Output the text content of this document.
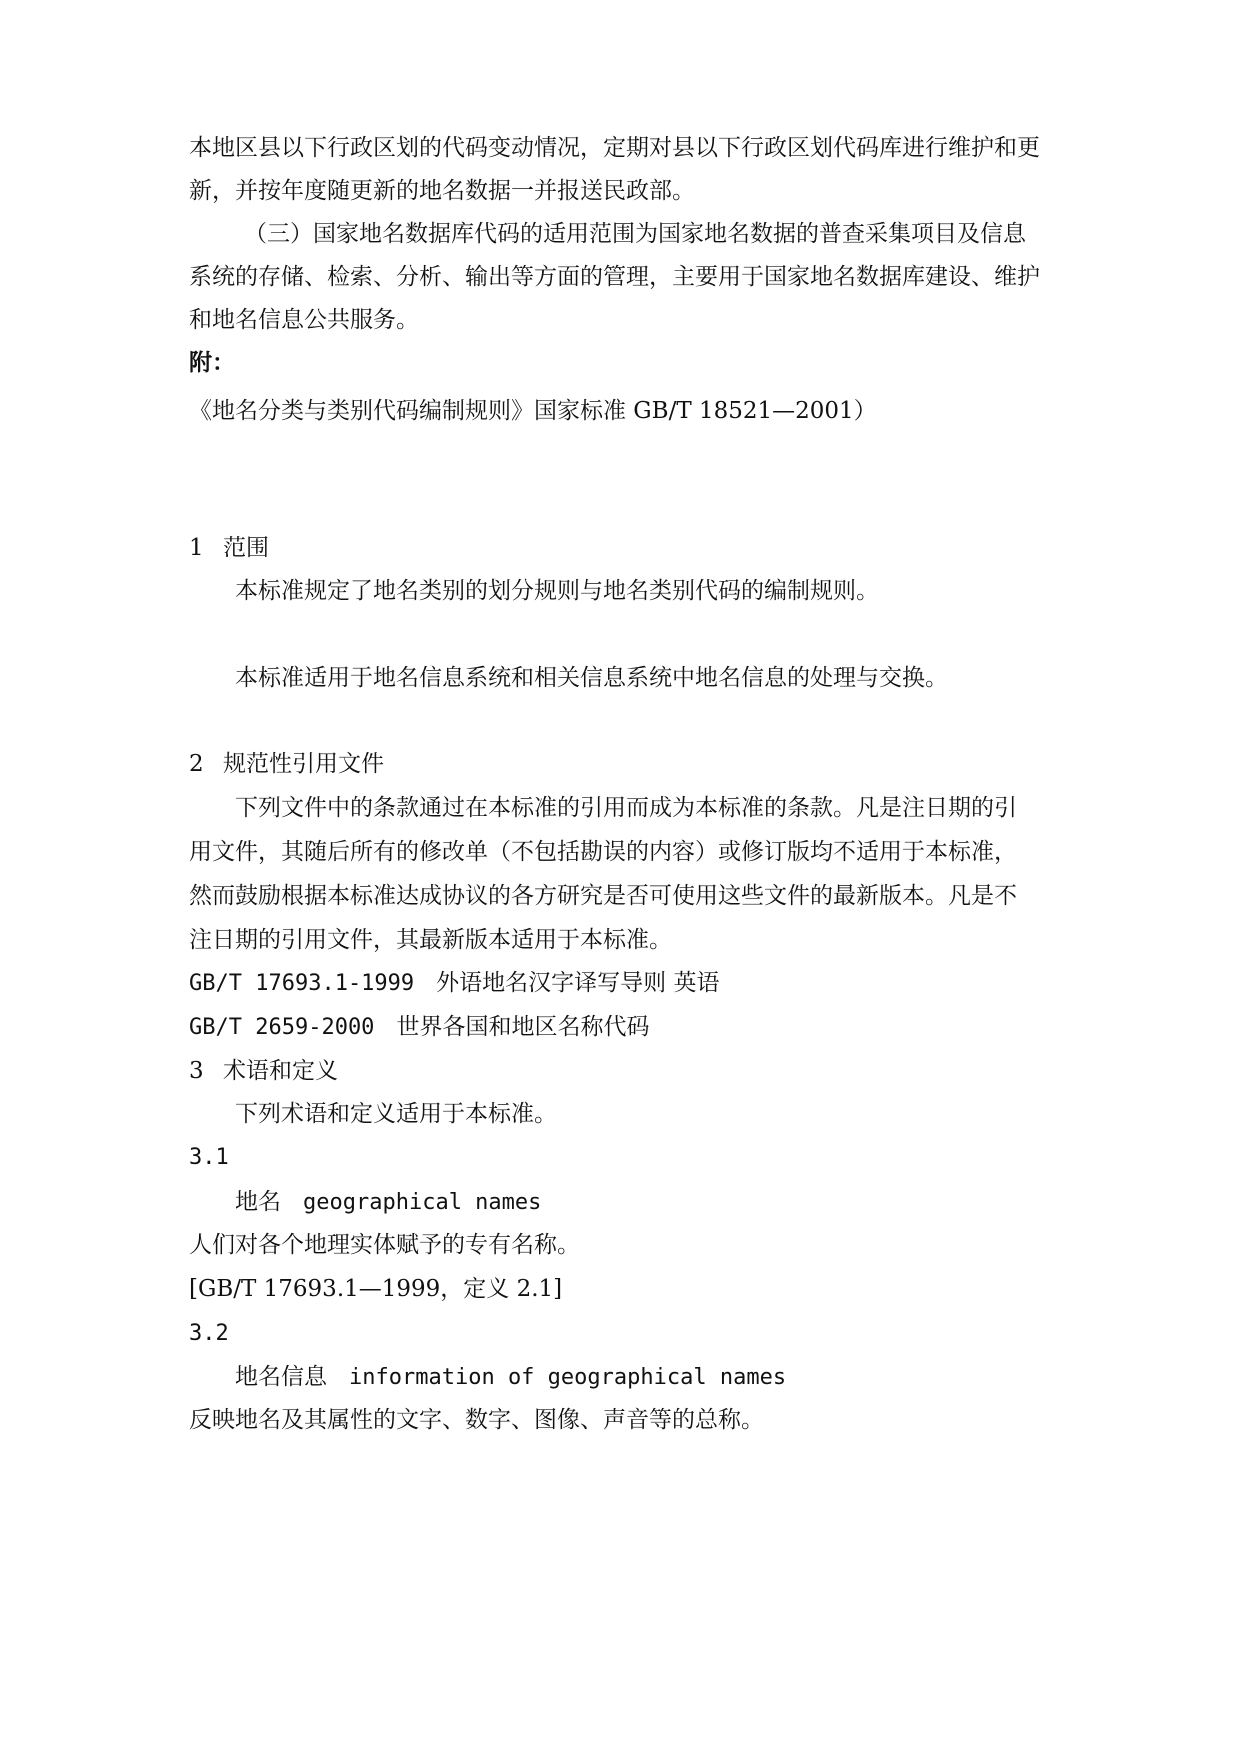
本地区县以下行政区划的代码变动情况，定期对县以下行政区划代码库进行维护和更
新，并按年度随更新的地名数据一并报送民政部。
（三）国家地名数据库代码的适用范围为国家地名数据的普查采集项目及信息
系统的存储、检索、分析、输出等方面的管理，主要用于国家地名数据库建设、维护
和地名信息公共服务。
附：
《地名分类与类别代码编制规则》国家标准 GB/T 18521—2001）
1 范围
本标准规定了地名类别的划分规则与地名类别代码的编制规则。
本标准适用于地名信息系统和相关信息系统中地名信息的处理与交换。
2 规范性引用文件
下列文件中的条款通过在本标准的引用而成为本标准的条款。凡是注日期的引
用文件，其随后所有的修改单（不包括勘误的内容）或修订版均不适用于本标准，
然而鼓励根据本标准达成协议的各方研究是否可使用这些文件的最新版本。凡是不
注日期的引用文件，其最新版本适用于本标准。
GB/T 17693.1-1999 外语地名汉字译写导则 英语
GB/T 2659-2000 世界各国和地区名称代码
3 术语和定义
下列术语和定义适用于本标准。
3.1
地名 geographical names
人们对各个地理实体赋予的专有名称。
[GB/T 17693.1—1999，定义 2.1]
3.2
地名信息 information of geographical names
反映地名及其属性的文字、数字、图像、声音等的总称。
